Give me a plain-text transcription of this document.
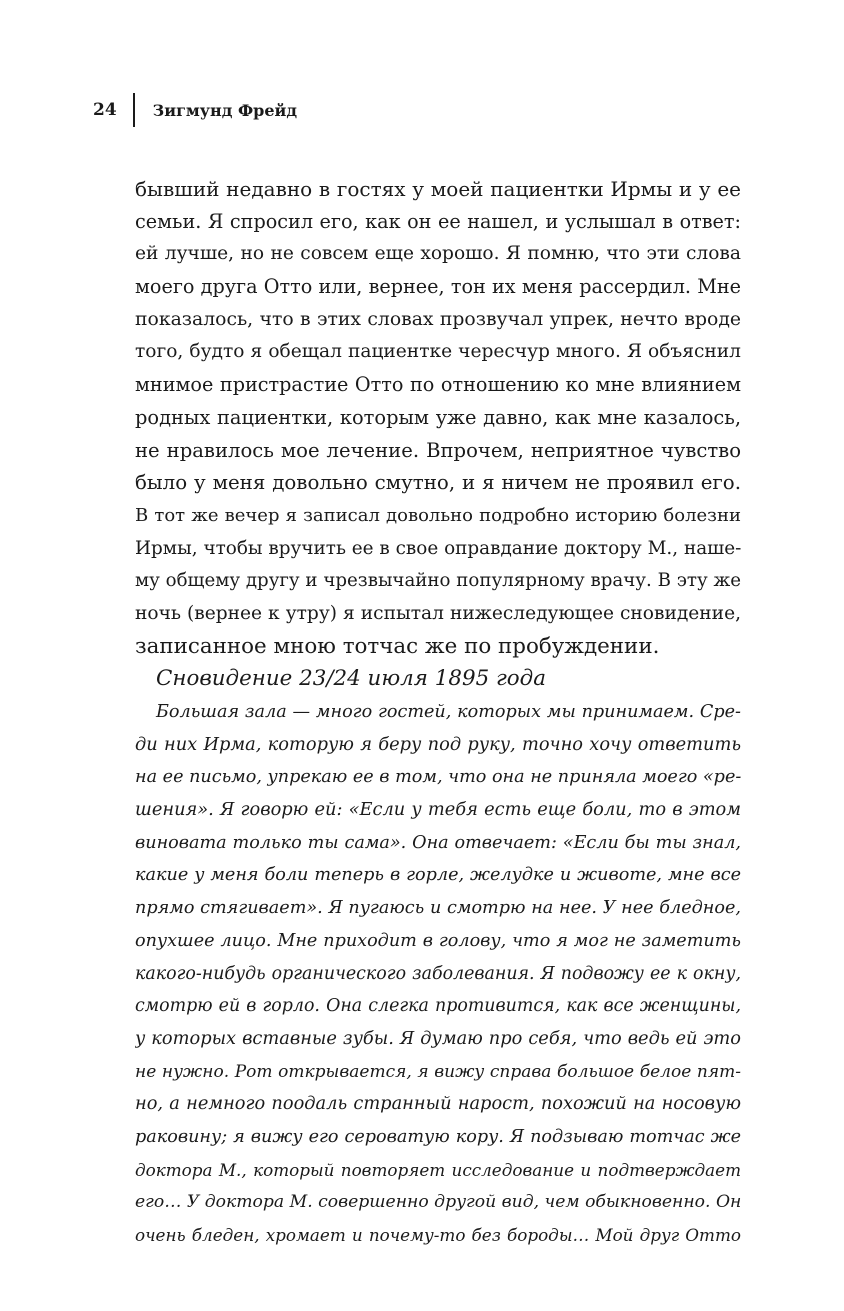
24 Зигмунд Фрейд
бывший недавно в гостях у моей пациентки Ирмы и у ее
семьи. Я спросил его, как он ее нашел, и услышал в ответ:
ей лучше, но не совсем еще хорошо. Я помню, что эти слова
моего друга Отто или, вернее, тон их меня рассердил. Мне
показалось, что в этих словах прозвучал упрек, нечто вроде
того, будто я обещал пациентке чересчур много. Я объяснил
мнимое пристрастие Отто по отношению ко мне влиянием
родных пациентки, которым уже давно, как мне казалось,
не нравилось мое лечение. Впрочем, неприятное чувство
было у меня довольно смутно, и я ничем не проявил его.
В тот же вечер я записал довольно подробно историю болезни
Ирмы, чтобы вручить ее в свое оправдание доктору М., наше-
му общему другу и чрезвычайно популярному врачу. В эту же
ночь (вернее к утру) я испытал нижеследующее сновидение,
записанное мною тотчас же по пробуждении.
Сновидение 23/24 июля 1895 года
Большая зала — много гостей, которых мы принимаем. Сре-
ди них Ирма, которую я беру под руку, точно хочу ответить
на ее письмо, упрекаю ее в том, что она не приняла моего «ре-
шения». Я говорю ей: «Если у тебя есть еще боли, то в этом
виновата только ты сама». Она отвечает: «Если бы ты знал,
какие у меня боли теперь в горле, желудке и животе, мне все
прямо стягивает». Я пугаюсь и смотрю на нее. У нее бледное,
опухшее лицо. Мне приходит в голову, что я мог не заметить
какого-нибудь органического заболевания. Я подвожу ее к окну,
смотрю ей в горло. Она слегка противится, как все женщины,
у которых вставные зубы. Я думаю про себя, что ведь ей это
не нужно. Рот открывается, я вижу справа большое белое пят-
но, а немного поодаль странный нарост, похожий на носовую
раковину; я вижу его сероватую кору. Я подзываю тотчас же
доктора М., который повторяет исследование и подтверждает
его… У доктора М. совершенно другой вид, чем обыкновенно. Он
очень бледен, хромает и почему-то без бороды… Мой друг Отто
